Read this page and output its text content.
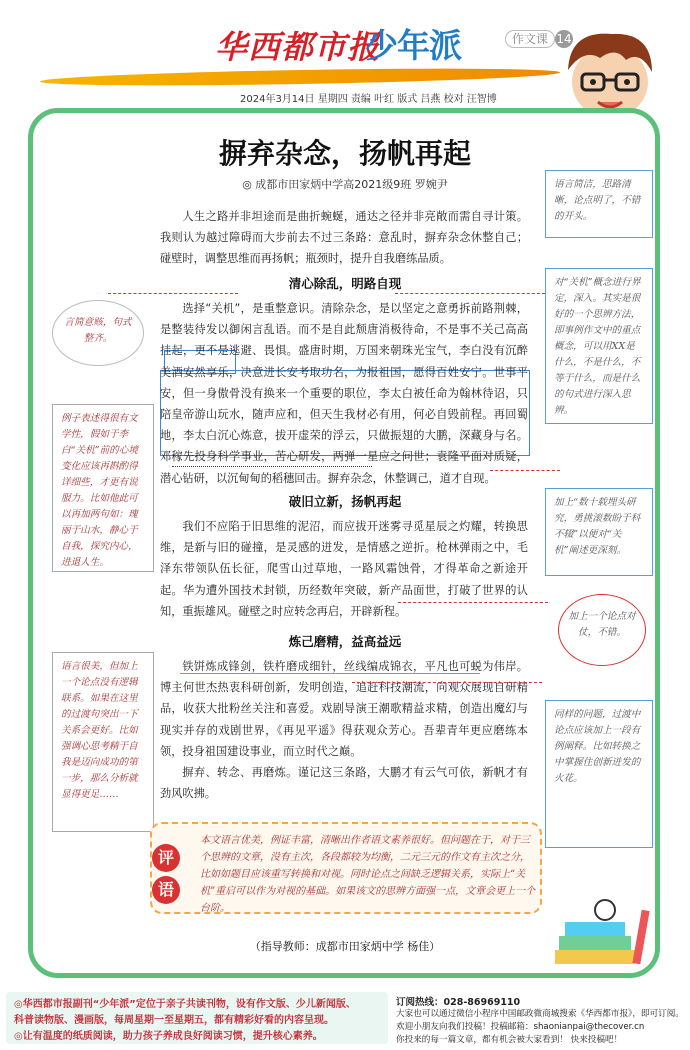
华西都市报
少年派	作文课 14
2024年3月14日 星期四 责编 叶红 版式 吕燕 校对 汪智博
摒弃杂念，扬帆再起
◎ 成都市田家炳中学高2021级9班 罗婉尹
人生之路并非坦途而是曲折蜿蜒，通达之径并非亮敞而需自寻计策。我则认为越过障碍而大步前去不过三条路：意乱时，摒弃杂念休整自己；碰壁时，调整思维而再扬帆；瓶颈时，提升自我磨练品质。
清心除乱，明路自现
选择“关机”，是重整意识。清除杂念，是以坚定之意勇拆前路荆棘，是整装待发以御闲言乱语。而不是自此颓唐消极待命，不是事不关己高高挂起，更不是逃避、畏惧。盛唐时期，万国来朝珠光宝气，李白没有沉醉美酒安然享乐，决意进长安考取功名，为报祖国，愿得百姓安宁。世事平安，但一身傲骨没有换来一个重要的职位，李太白被任命为翰林待诏，只陪皇帝游山玩水，随声应和，但天生我材必有用，何必自毁前程。再回蜀地，李太白沉心炼意，拔开虚荣的浮云，只做振翅的大鹏，深藏身与名。邓稼先投身科学事业，苦心研发，两弹一星应之问世；袁隆平面对质疑，潜心钻研，以沉甸甸的稻穗回击。摒弃杂念，休整调己，道才自现。
破旧立新，扬帆再起
我们不应陷于旧思维的泥沼，而应拔开迷雾寻觅星辰之灼耀，转换思维，是新与旧的碰撞，是灵感的迸发，是情感之逆折。枪林弹雨之中，毛泽东带领队伍长征，爬雪山过草地，一路风霜蚀骨，才得革命之新途开起。华为遭外国技术封锁，历经数年突破，新产品面世，打破了世界的认知，重振雄风。碰壁之时应转念再启，开辟新程。
炼己磨精，益高益远
铁饼炼成锋剑，铁杵磨成细针，丝线编成锦衣，平凡也可蜕为伟岸。博主何世杰热衷科研创新，发明创造，追赶科技潮流，向观众展现自研精品，收获大批粉丝关注和喜爱。戏剧导演王潮歌精益求精，创造出魔幻与现实并存的戏剧世界，《再见平遥》得获观众芳心。吾辈青年更应磨练本领，投身祖国建设事业，而立时代之巅。
摒弃、转念、再磨炼。谨记这三条路，大鹏才有云气可依，新帆才有劲风吹拂。
言简意赅，句式整齐。
例子表述得很有文学性，假如于李白“关机”前的心境变化应该再斟酌得详细些，才更有说服力。比如他此可以再加两句如：瑰丽于山水，静心于自我，探究内心，进退人生。
语言很美，但加上一个论点没有逻辑联系。如果在这里的过渡句突出一下关系会更好。比如强调心思考精于自我是迈向成功的第一步，那么分析就显得更足……
语言简洁，思路清晰，论点明了，不错的开头。
对“关机”概念进行界定，深入。其实是很好的一个思辨方法，即事例作文中的重点概念，可以用XX是什么，不是什么，不等于什么，而是什么的句式进行深入思辨。
加上“数十载埋头研究，勇挑滚数盼于科不辍”以便对“关机”阐述更深刻。
加上一个论点对仗，不错。
同样的问题，过渡中论点应该加上一段有例阐释。比如转换之中掌握住创新迸发的火花。
评
语
本文语言优美，例证丰富，清晰出作者语文素养很好。但问题在于，对于三个思辨的文章，没有主次，各段都较为均衡，二元三元的作文有主次之分，比如如题目应该重写转换和对视。同时论点之间缺乏逻辑关系，实际上“关机”重启可以作为对视的基础。如果该文的思辨方面强一点，文章会更上一个台阶。
（指导教师：成都市田家炳中学 杨佳）
◎华西都市报副刊“少年派”定位于亲子共读刊物，设有作文版、少儿新闻版、
科普读物版、漫画版，每周星期一至星期五，都有精彩好看的内容呈现。
◎让有温度的纸质阅读，助力孩子养成良好阅读习惯，提升核心素养。
订阅热线：028-86969110
大家也可以通过微信小程序中国邮政微商城搜索《华西都市报》，即可订阅。
欢迎小朋友向我们投稿！投稿邮箱：shaonianpai@thecover.cn
你投来的每一篇文章，都有机会被大家看到！ 快来投稿吧！
